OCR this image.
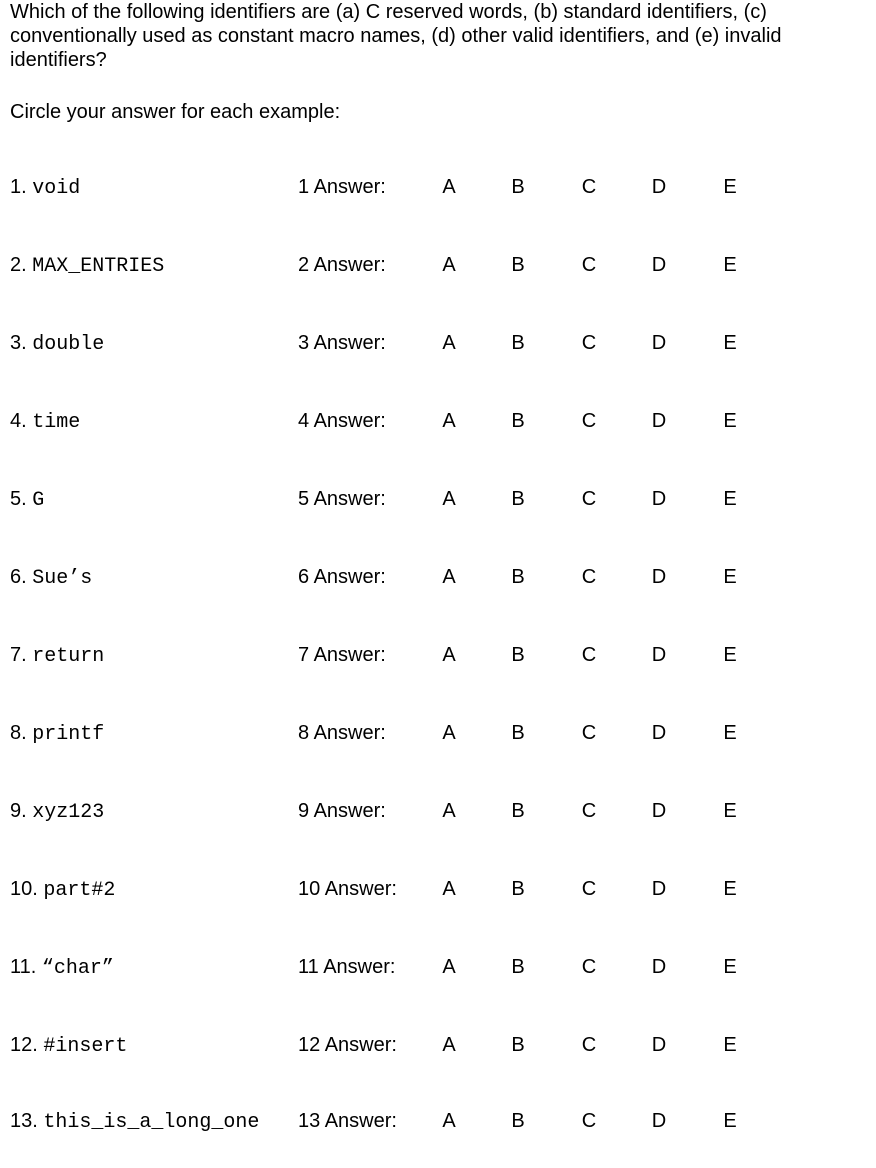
Which of the following identifiers are (a) C reserved words, (b) standard identifiers, (c) conventionally used as constant macro names, (d) other valid identifiers, and (e) invalid identifiers?

Circle your answer for each example:

1. void	1 Answer:	A	B	C	D	E
2. MAX_ENTRIES	2 Answer:	A	B	C	D	E
3. double	3 Answer:	A	B	C	D	E
4. time	4 Answer:	A	B	C	D	E
5. G	5 Answer:	A	B	C	D	E
6. Sue’s	6 Answer:	A	B	C	D	E
7. return	7 Answer:	A	B	C	D	E
8. printf	8 Answer:	A	B	C	D	E
9. xyz123	9 Answer:	A	B	C	D	E
10. part#2	10 Answer:	A	B	C	D	E
11. “char”	11 Answer:	A	B	C	D	E
12. #insert	12 Answer:	A	B	C	D	E
13. this_is_a_long_one 13 Answer:	A	B	C	D	E
